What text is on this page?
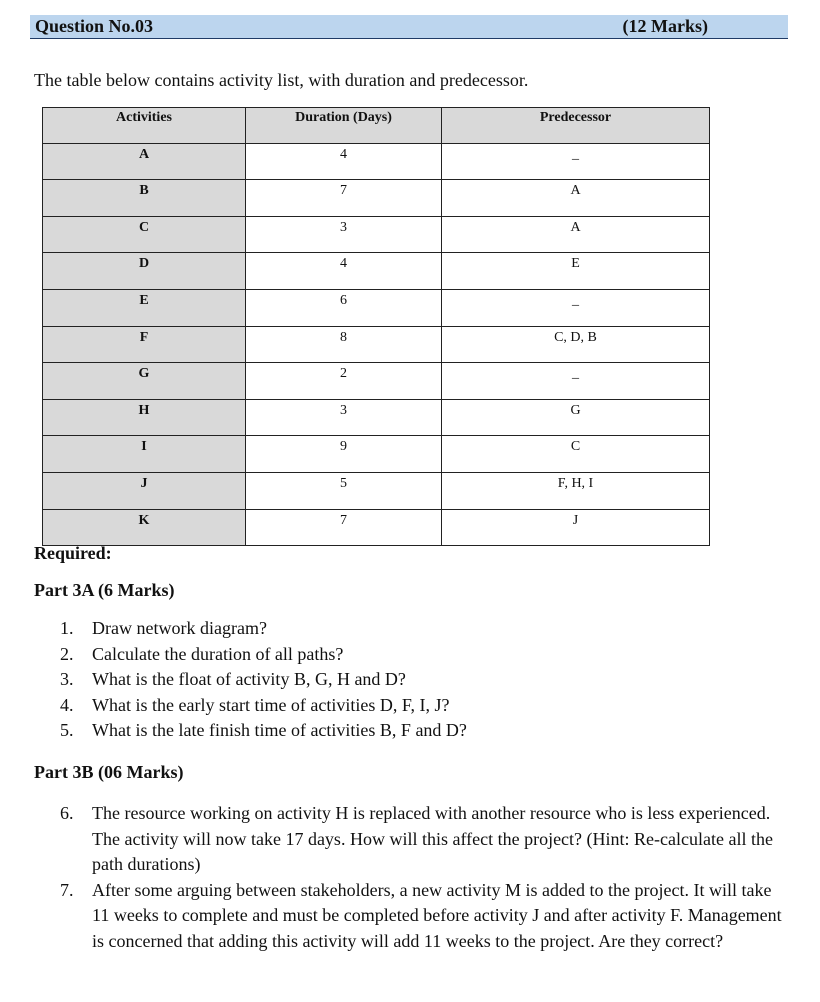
Question No.03	(12 Marks)
The table below contains activity list, with duration and predecessor.
Activities	Duration (Days)	Predecessor
A	4	_
B	7	A
C	3	A
D	4	E
E	6	_
F	8	C, D, B
G	2	_
H	3	G
I	9	C
J	5	F, H, I
K	7	J
Required:
Part 3A (6 Marks)
1. Draw network diagram?
2. Calculate the duration of all paths?
3. What is the float of activity B, G, H and D?
4. What is the early start time of activities D, F, I, J?
5. What is the late finish time of activities B, F and D?
Part 3B (06 Marks)
6. The resource working on activity H is replaced with another resource who is less experienced. The activity will now take 17 days. How will this affect the project? (Hint: Re-calculate all the path durations)
7. After some arguing between stakeholders, a new activity M is added to the project. It will take 11 weeks to complete and must be completed before activity J and after activity F. Management is concerned that adding this activity will add 11 weeks to the project. Are they correct?
